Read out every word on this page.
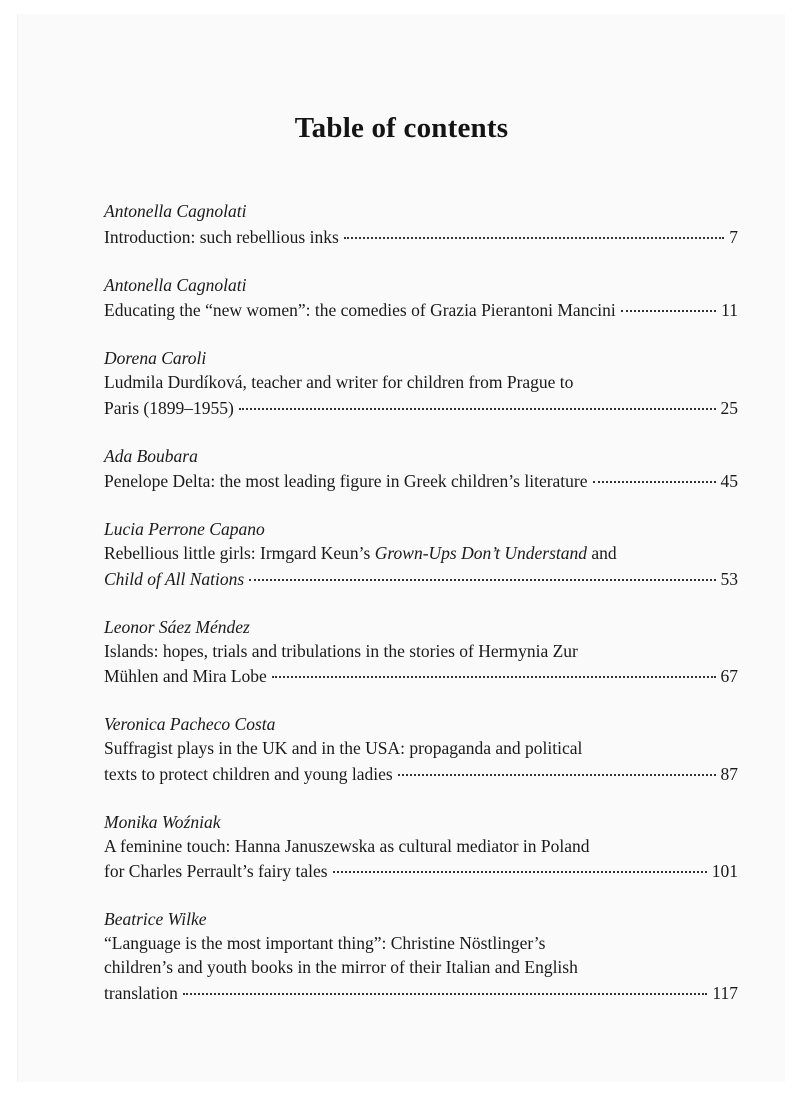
Table of contents
Antonella Cagnolati
Introduction: such rebellious inks	7
Antonella Cagnolati
Educating the “new women”: the comedies of Grazia Pierantoni Mancini	11
Dorena Caroli
Ludmila Durdíková, teacher and writer for children from Prague to
Paris (1899–1955)	25
Ada Boubara
Penelope Delta: the most leading figure in Greek children’s literature	45
Lucia Perrone Capano
Rebellious little girls: Irmgard Keun’s Grown-Ups Don’t Understand and
Child of All Nations	53
Leonor Sáez Méndez
Islands: hopes, trials and tribulations in the stories of Hermynia Zur
Mühlen and Mira Lobe	67
Veronica Pacheco Costa
Suffragist plays in the UK and in the USA: propaganda and political
texts to protect children and young ladies	87
Monika Woźniak
A feminine touch: Hanna Januszewska as cultural mediator in Poland
for Charles Perrault’s fairy tales	101
Beatrice Wilke
“Language is the most important thing”: Christine Nöstlinger’s
children’s and youth books in the mirror of their Italian and English
translation	117
